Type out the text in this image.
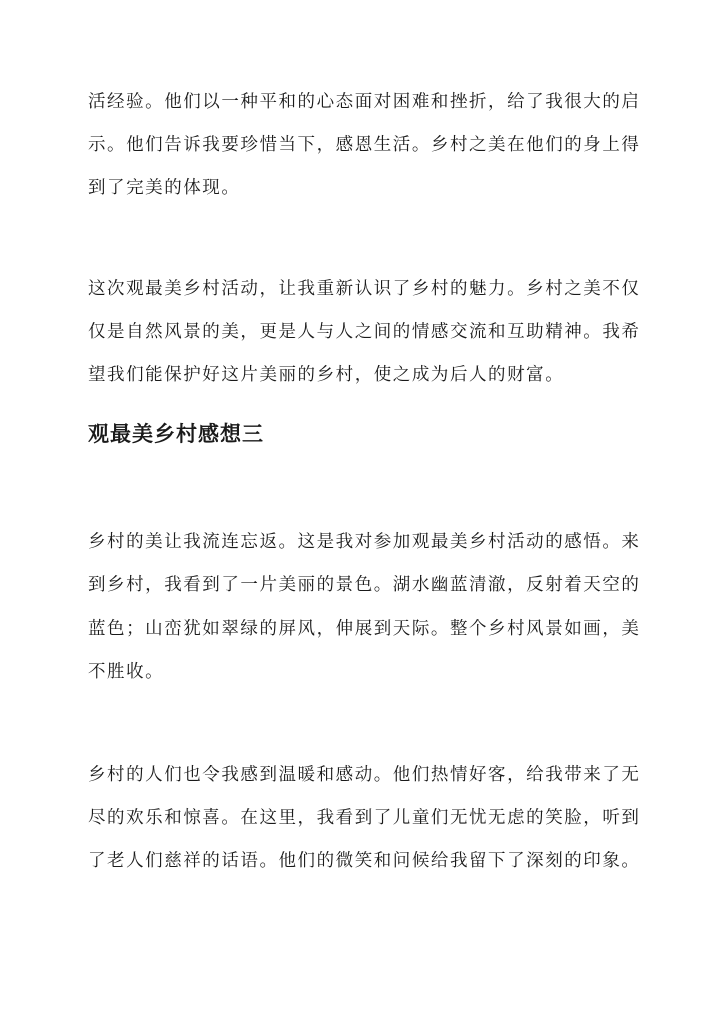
活经验。他们以一种平和的心态面对困难和挫折，给了我很大的启
示。他们告诉我要珍惜当下，感恩生活。乡村之美在他们的身上得
到了完美的体现。
这次观最美乡村活动，让我重新认识了乡村的魅力。乡村之美不仅
仅是自然风景的美，更是人与人之间的情感交流和互助精神。我希
望我们能保护好这片美丽的乡村，使之成为后人的财富。
观最美乡村感想三
乡村的美让我流连忘返。这是我对参加观最美乡村活动的感悟。来
到乡村，我看到了一片美丽的景色。湖水幽蓝清澈，反射着天空的
蓝色；山峦犹如翠绿的屏风，伸展到天际。整个乡村风景如画，美
不胜收。
乡村的人们也令我感到温暖和感动。他们热情好客，给我带来了无
尽的欢乐和惊喜。在这里，我看到了儿童们无忧无虑的笑脸，听到
了老人们慈祥的话语。他们的微笑和问候给我留下了深刻的印象。
